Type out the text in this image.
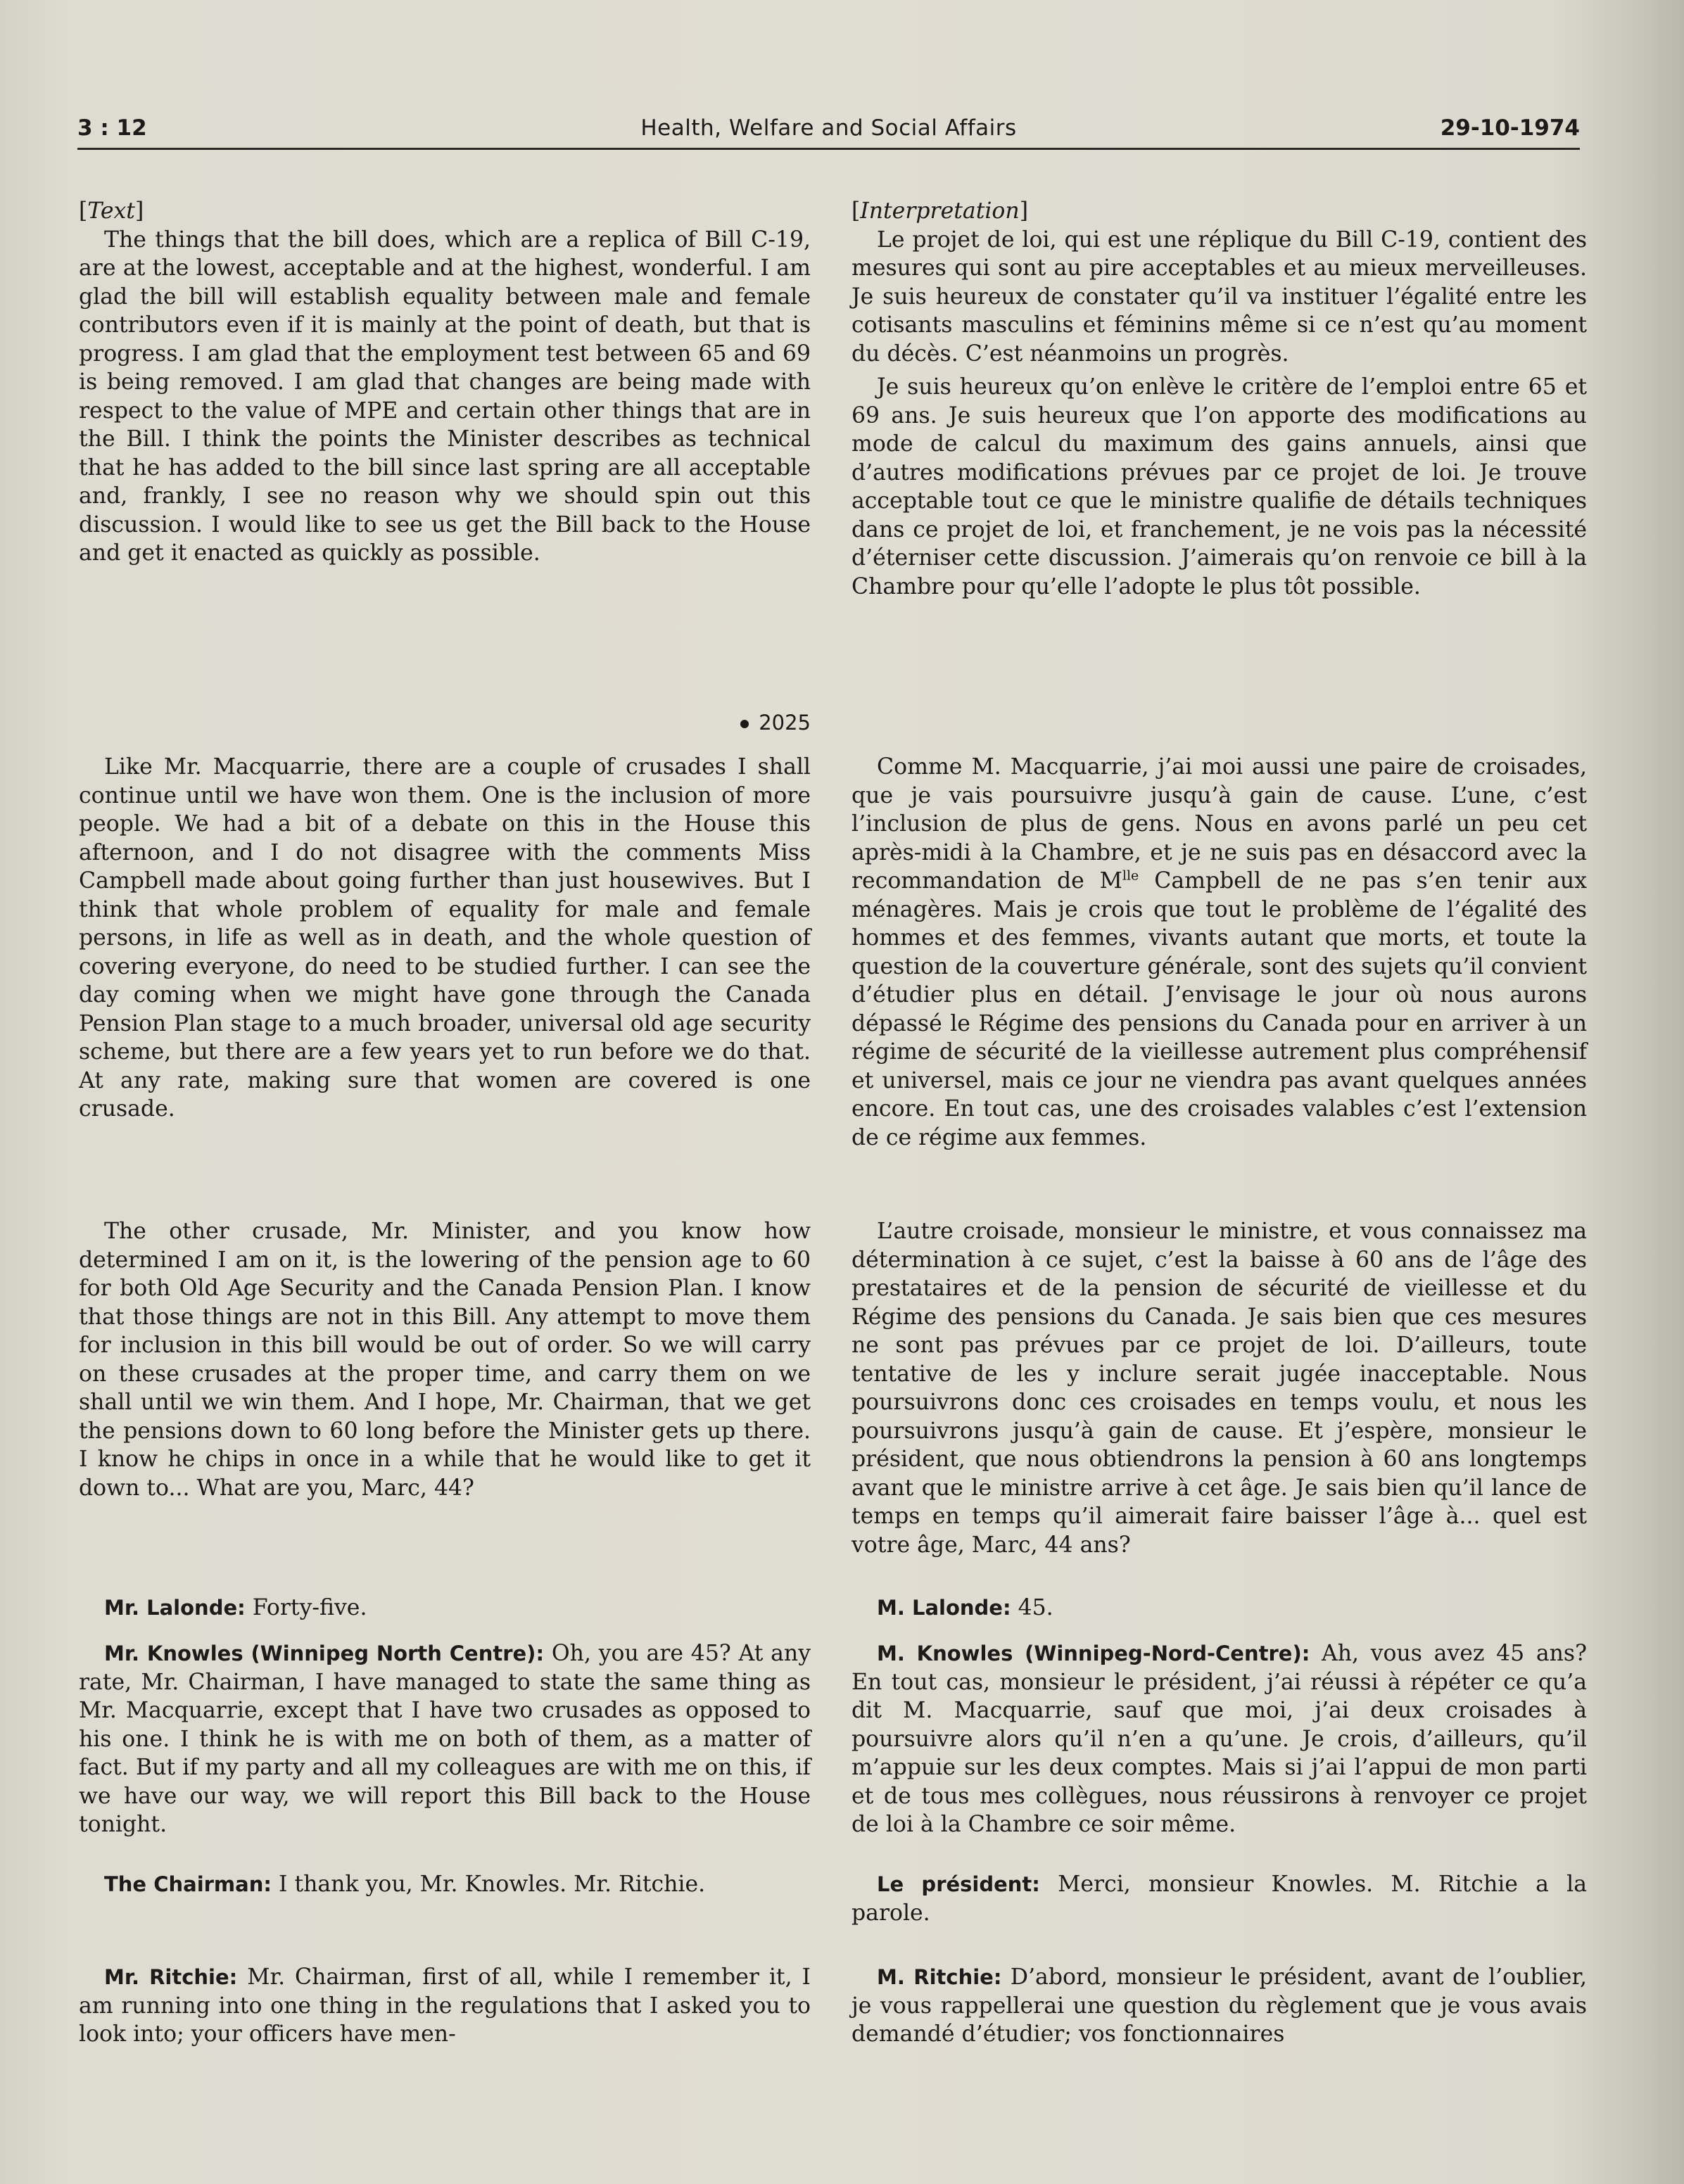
3 : 12	Health, Welfare and Social Affairs	29-10-1974

[Text]

The things that the bill does, which are a replica of Bill C-19, are at the lowest, acceptable and at the highest, wonderful. I am glad the bill will establish equality between male and female contributors even if it is mainly at the point of death, but that is progress. I am glad that the employment test between 65 and 69 is being removed. I am glad that changes are being made with respect to the value of MPE and certain other things that are in the Bill. I think the points the Minister describes as technical that he has added to the bill since last spring are all acceptable and, frankly, I see no reason why we should spin out this discussion. I would like to see us get the Bill back to the House and get it enacted as quickly as possible.

2025

Like Mr. Macquarrie, there are a couple of crusades I shall continue until we have won them. One is the inclusion of more people. We had a bit of a debate on this in the House this afternoon, and I do not disagree with the comments Miss Campbell made about going further than just housewives. But I think that whole problem of equality for male and female persons, in life as well as in death, and the whole question of covering everyone, do need to be studied further. I can see the day coming when we might have gone through the Canada Pension Plan stage to a much broader, universal old age security scheme, but there are a few years yet to run before we do that. At any rate, making sure that women are covered is one crusade.

The other crusade, Mr. Minister, and you know how determined I am on it, is the lowering of the pension age to 60 for both Old Age Security and the Canada Pension Plan. I know that those things are not in this Bill. Any attempt to move them for inclusion in this bill would be out of order. So we will carry on these crusades at the proper time, and carry them on we shall until we win them. And I hope, Mr. Chairman, that we get the pensions down to 60 long before the Minister gets up there. I know he chips in once in a while that he would like to get it down to... What are you, Marc, 44?

Mr. Lalonde: Forty-five.

Mr. Knowles (Winnipeg North Centre): Oh, you are 45? At any rate, Mr. Chairman, I have managed to state the same thing as Mr. Macquarrie, except that I have two crusades as opposed to his one. I think he is with me on both of them, as a matter of fact. But if my party and all my colleagues are with me on this, if we have our way, we will report this Bill back to the House tonight.

The Chairman: I thank you, Mr. Knowles. Mr. Ritchie.

Mr. Ritchie: Mr. Chairman, first of all, while I remember it, I am running into one thing in the regulations that I asked you to look into; your officers have men-

[Interpretation]

Le projet de loi, qui est une réplique du Bill C-19, contient des mesures qui sont au pire acceptables et au mieux merveilleuses. Je suis heureux de constater qu’il va instituer l’égalité entre les cotisants masculins et féminins même si ce n’est qu’au moment du décès. C’est néanmoins un progrès.

Je suis heureux qu’on enlève le critère de l’emploi entre 65 et 69 ans. Je suis heureux que l’on apporte des modifications au mode de calcul du maximum des gains annuels, ainsi que d’autres modifications prévues par ce projet de loi. Je trouve acceptable tout ce que le ministre qualifie de détails techniques dans ce projet de loi, et franchement, je ne vois pas la nécessité d’éterniser cette discussion. J’aimerais qu’on renvoie ce bill à la Chambre pour qu’elle l’adopte le plus tôt possible.

Comme M. Macquarrie, j’ai moi aussi une paire de croisades, que je vais poursuivre jusqu’à gain de cause. L’une, c’est l’inclusion de plus de gens. Nous en avons parlé un peu cet après-midi à la Chambre, et je ne suis pas en désaccord avec la recommandation de $M^{lle}$ Campbell de ne pas s’en tenir aux ménagères. Mais je crois que tout le problème de l’égalité des hommes et des femmes, vivants autant que morts, et toute la question de la couverture générale, sont des sujets qu’il convient d’étudier plus en détail. J’envisage le jour où nous aurons dépassé le Régime des pensions du Canada pour en arriver à un régime de sécurité de la vieillesse autrement plus compréhensif et universel, mais ce jour ne viendra pas avant quelques années encore. En tout cas, une des croisades valables c’est l’extension de ce régime aux femmes.

L’autre croisade, monsieur le ministre, et vous connaissez ma détermination à ce sujet, c’est la baisse à 60 ans de l’âge des prestataires et de la pension de sécurité de vieillesse et du Régime des pensions du Canada. Je sais bien que ces mesures ne sont pas prévues par ce projet de loi. D’ailleurs, toute tentative de les y inclure serait jugée inacceptable. Nous poursuivrons donc ces croisades en temps voulu, et nous les poursuivrons jusqu’à gain de cause. Et j’espère, monsieur le président, que nous obtiendrons la pension à 60 ans longtemps avant que le ministre arrive à cet âge. Je sais bien qu’il lance de temps en temps qu’il aimerait faire baisser l’âge à... quel est votre âge, Marc, 44 ans?

M. Lalonde: 45.

M. Knowles (Winnipeg-Nord-Centre): Ah, vous avez 45 ans? En tout cas, monsieur le président, j’ai réussi à répéter ce qu’a dit M. Macquarrie, sauf que moi, j’ai deux croisades à poursuivre alors qu’il n’en a qu’une. Je crois, d’ailleurs, qu’il m’appuie sur les deux comptes. Mais si j’ai l’appui de mon parti et de tous mes collègues, nous réussirons à renvoyer ce projet de loi à la Chambre ce soir même.

Le président: Merci, monsieur Knowles. M. Ritchie a la parole.

M. Ritchie: D’abord, monsieur le président, avant de l’oublier, je vous rappellerai une question du règlement que je vous avais demandé d’étudier; vos fonctionnaires
